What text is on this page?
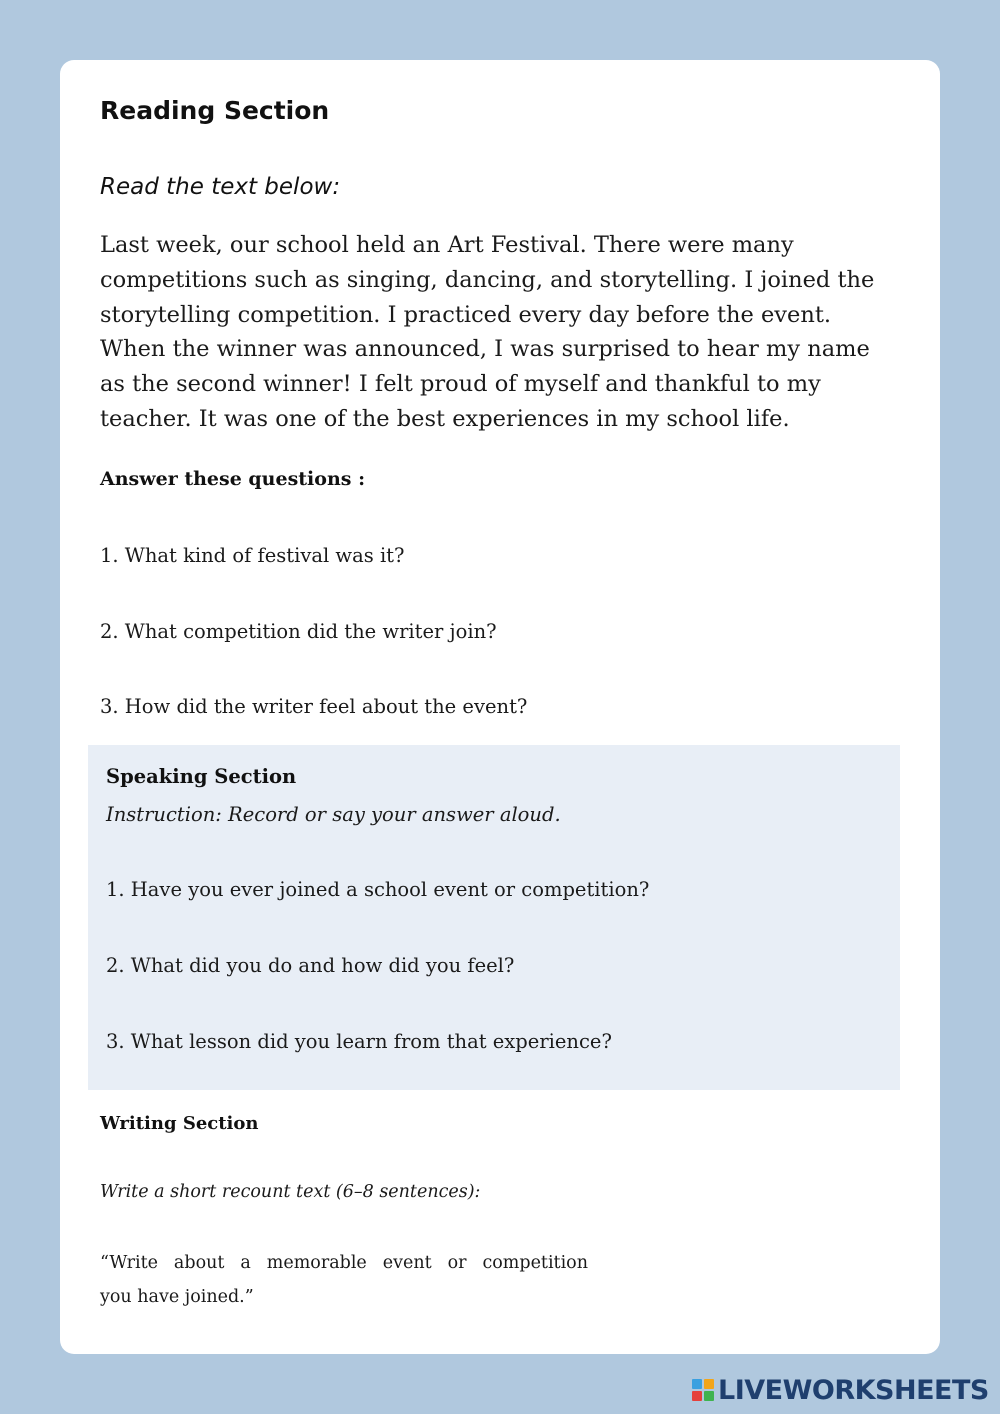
Reading Section

Read the text below:

Last week, our school held an Art Festival. There were many
competitions such as singing, dancing, and storytelling. I joined the
storytelling competition. I practiced every day before the event.
When the winner was announced, I was surprised to hear my name
as the second winner! I felt proud of myself and thankful to my
teacher. It was one of the best experiences in my school life.

Answer these questions :

1. What kind of festival was it?

2. What competition did the writer join?

3. How did the writer feel about the event?

Speaking Section

Instruction: Record or say your answer aloud.

1. Have you ever joined a school event or competition?

2. What did you do and how did you feel?

3. What lesson did you learn from that experience?

Writing Section

Write a short recount text (6–8 sentences):

“Write about a memorable event or competition
you have joined.”
LIVEWORKSHEETS
